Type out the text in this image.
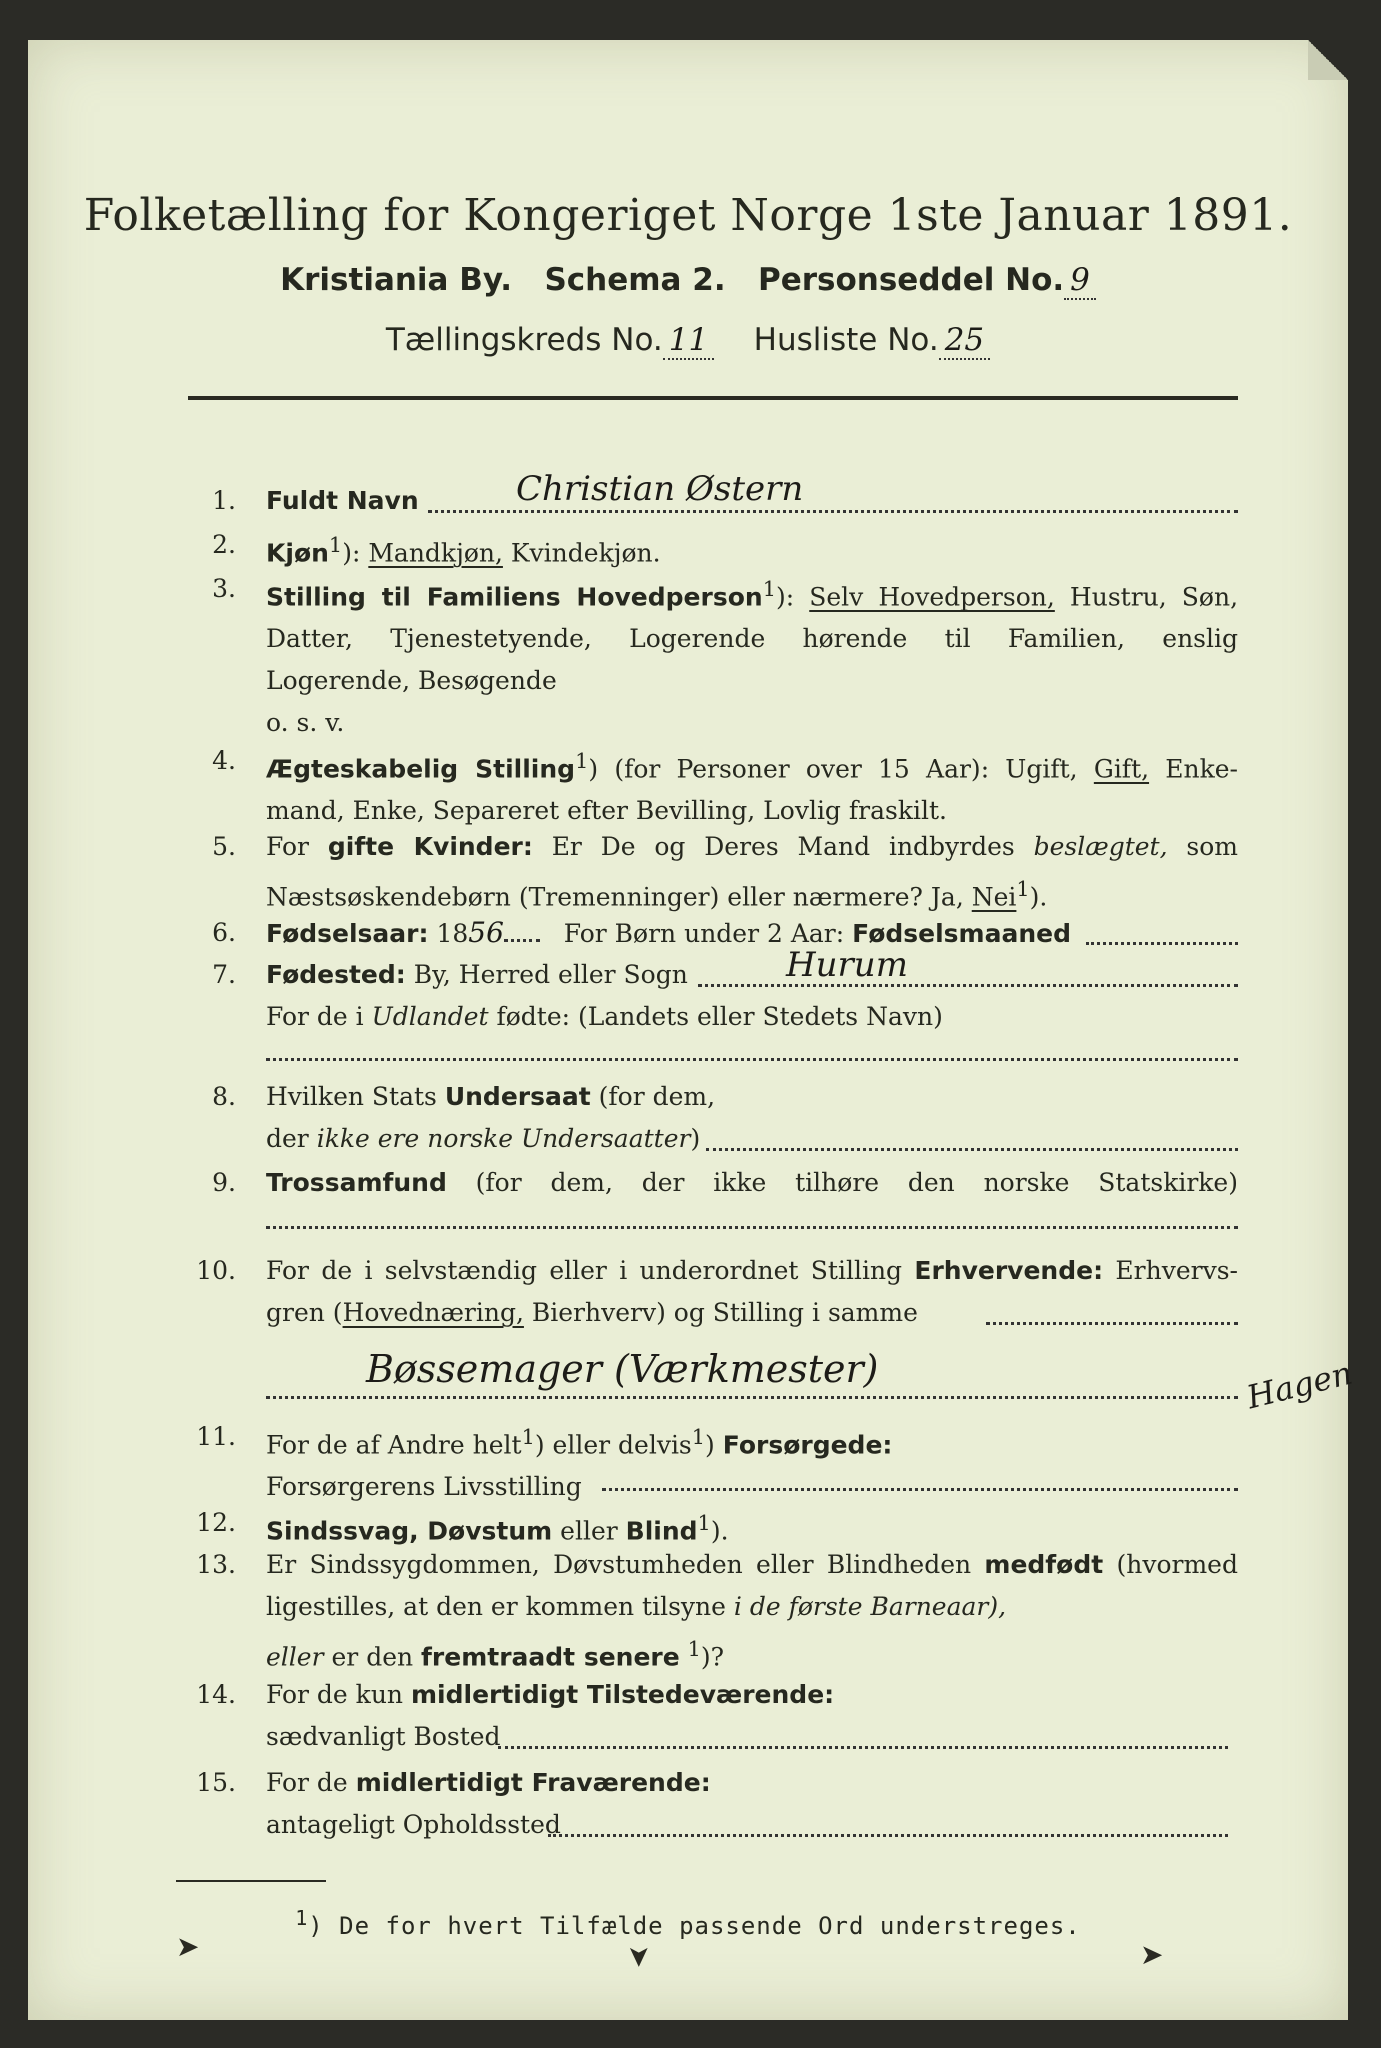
Folketælling for Kongeriget Norge 1ste Januar 1891.
Kristiania By. Schema 2. Personseddel No. 9
Tællingskreds No. 11 Husliste No. 25
1. Fuldt Navn	Christian Østern
2. Kjøn$^1$): Mandkjøn, Kvindekjøn.
3. Stilling til Familiens Hovedperson$^1$): Selv Hovedperson, Hustru, Søn,
Datter, Tjenestetyende, Logerende hørende til Familien, enslig
Logerende, Besøgende
o. s. v.
4. Ægteskabelig Stilling$^1$) (for Personer over 15 Aar): Ugift, Gift, Enke-
mand, Enke, Separeret efter Bevilling, Lovlig fraskilt.
5. For gifte Kvinder: Er De og Deres Mand indbyrdes beslægtet, som
Næstsøskendebørn (Tremenninger) eller nærmere? Ja, Nei$^1$).
6. Fødselsaar: 1856 For Børn under 2 Aar: Fødselsmaaned
7. Fødested: By, Herred eller Sogn	Hurum
For de i Udlandet fødte: (Landets eller Stedets Navn)
8. Hvilken Stats Undersaat (for dem,
der ikke ere norske Undersaatter)
9. Trossamfund (for dem, der ikke tilhøre den norske Statskirke)
10. For de i selvstændig eller i underordnet Stilling Erhvervende: Erhvervs-
gren (Hovednæring, Bierhverv) og Stilling i samme
Bøssemager (Værkmester)	Hagen
11. For de af Andre helt$^1$) eller delvis$^1$) Forsørgede:
Forsørgerens Livsstilling
12. Sindssvag, Døvstum eller Blind$^1$).
13. Er Sindssygdommen, Døvstumheden eller Blindheden medfødt (hvormed
ligestilles, at den er kommen tilsyne i de første Barneaar),
eller er den fremtraadt senere $^1$)?
14. For de kun midlertidigt Tilstedeværende:
sædvanligt Bosted
15. For de midlertidigt Fraværende:
antageligt Opholdssted
$^1$) De for hvert Tilfælde passende Ord understreges.
➤	➤	➤
